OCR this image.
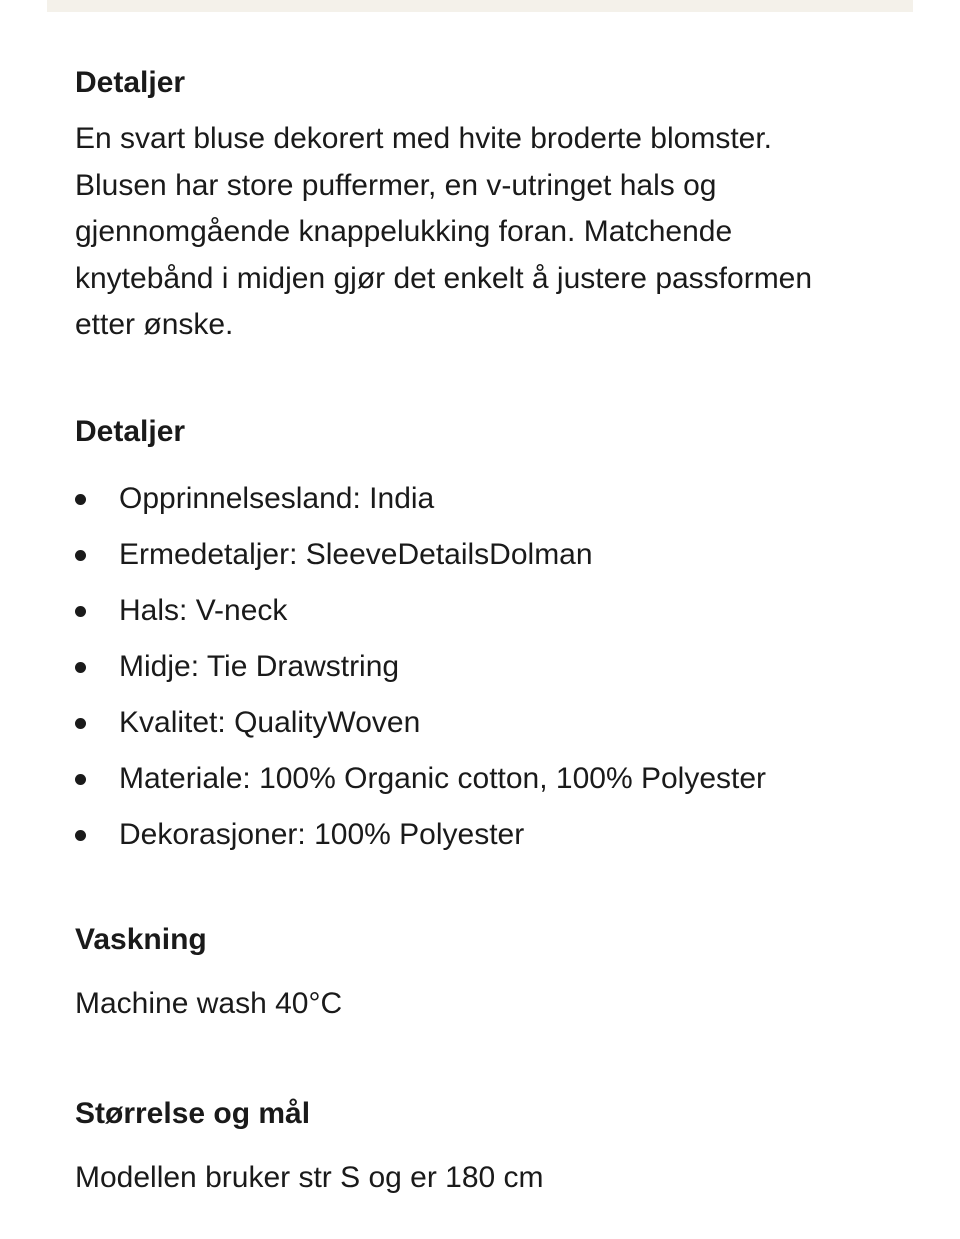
Detaljer

En svart bluse dekorert med hvite broderte blomster.
Blusen har store puffermer, en v-utringet hals og
gjennomgående knappelukking foran. Matchende
knytebånd i midjen gjør det enkelt å justere passformen
etter ønske.

Detaljer
Opprinnelsesland: India
Ermedetaljer: SleeveDetailsDolman
Hals: V-neck
Midje: Tie Drawstring
Kvalitet: QualityWoven
Materiale: 100% Organic cotton, 100% Polyester
Dekorasjoner: 100% Polyester
Vaskning

Machine wash 40°C

Størrelse og mål

Modellen bruker str S og er 180 cm
